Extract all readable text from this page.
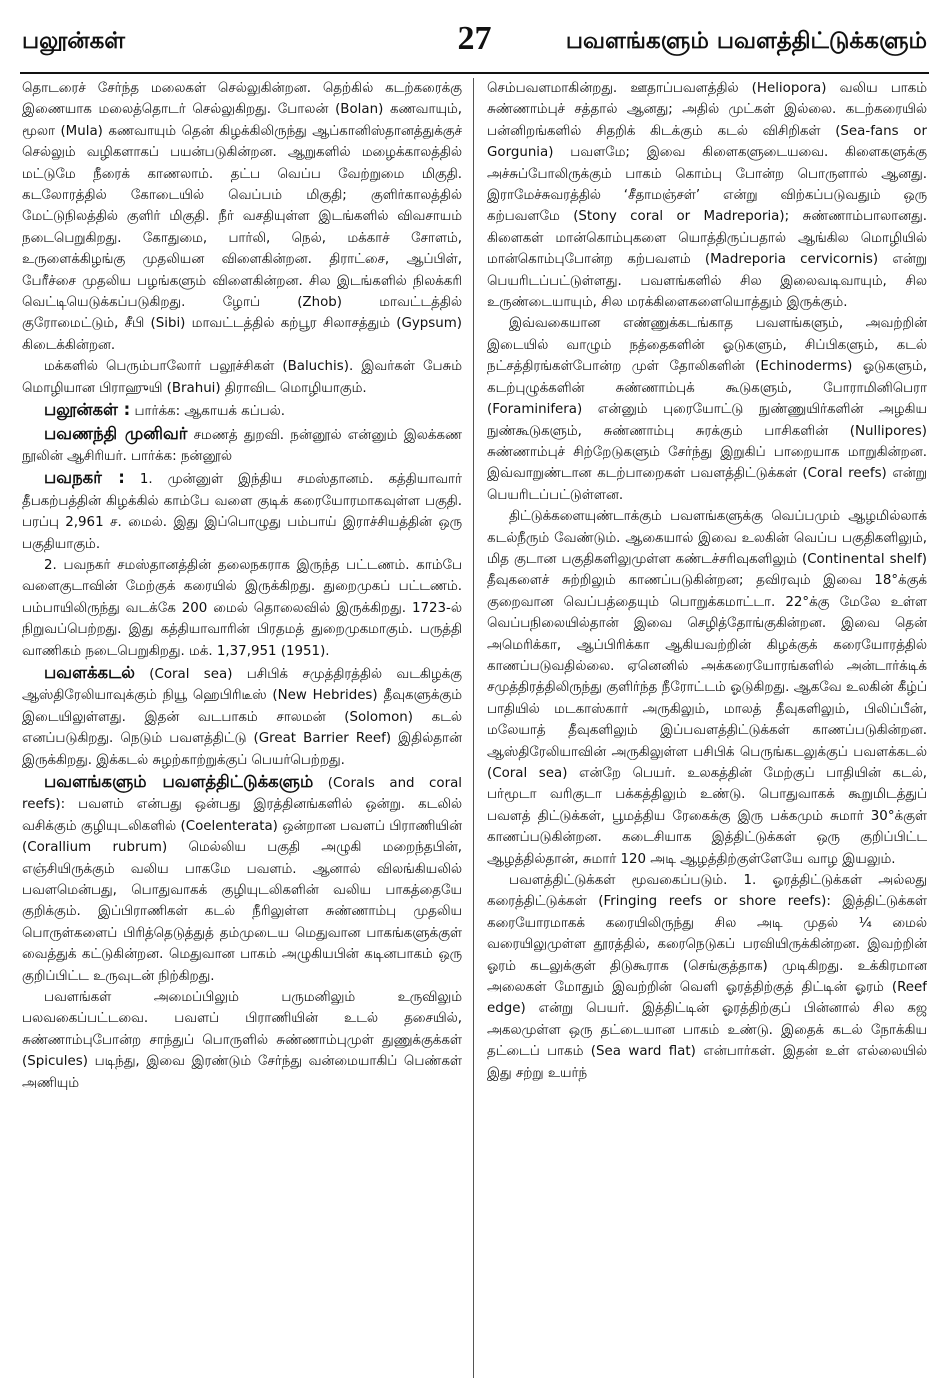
பலூன்கள்	27	பவளங்களும் பவளத்திட்டுக்களும்

தொடரைச் சேர்ந்த மலைகள் செல்லுகின்றன. தெற்கில் கடற்கரைக்கு இணையாக மலைத்தொடர் செல்லுகிறது. போலன் (Bolan) கணவாயும், மூலா (Mula) கணவாயும் தென் கிழக்கிலிருந்து ஆப்கானிஸ்தானத்துக்குச் செல்லும் வழிகளாகப் பயன்படுகின்றன. ஆறுகளில் மழைக்காலத்தில் மட்டுமே நீரைக் காணலாம். தட்ப வெப்ப வேற்றுமை மிகுதி. கடலோரத்தில் கோடையில் வெப்பம் மிகுதி; குளிர்காலத்தில் மேட்டுநிலத்தில் குளிர் மிகுதி. நீர் வசதியுள்ள இடங்களில் விவசாயம் நடைபெறுகிறது. கோதுமை, பார்லி, நெல், மக்காச் சோளம், உருளைக்கிழங்கு முதலியன விளைகின்றன. திராட்சை, ஆப்பிள், பேரீச்சை முதலிய பழங்களும் விளைகின்றன. சில இடங்களில் நிலக்கரி வெட்டியெடுக்கப்படுகிறது. ழோப் (Zhob) மாவட்டத்தில் குரோமைட்டும், சீபி (Sibi) மாவட்டத்தில் கற்பூர சிலாசத்தும் (Gypsum) கிடைக்கின்றன.

மக்களில் பெரும்பாலோர் பலூச்சிகள் (Baluchis). இவர்கள் பேசும் மொழியான பிராஹுயி (Brahui) திராவிட மொழியாகும்.

பலூன்கள் : பார்க்க: ஆகாயக் கப்பல்.

பவணந்தி முனிவர் சமணத் துறவி. நன்னூல் என்னும் இலக்கண நூலின் ஆசிரியர். பார்க்க: நன்னூல்

பவநகர் : 1. முன்னுள் இந்திய சமஸ்தானம். கத்தியாவார் தீபகற்பத்தின் கிழக்கில் காம்பே வளை குடிக் கரையோரமாகவுள்ள பகுதி. பரப்பு 2,961 ச. மைல். இது இப்பொழுது பம்பாய் இராச்சியத்தின் ஒரு பகுதியாகும்.

2. பவநகர் சமஸ்தானத்தின் தலைநகராக இருந்த பட்டணம். காம்பே வளைகுடாவின் மேற்குக் கரையில் இருக்கிறது. துறைமுகப் பட்டணம். பம்பாயிலிருந்து வடக்கே 200 மைல் தொலைவில் இருக்கிறது. 1723-ல் நிறுவப்பெற்றது. இது கத்தியாவாரின் பிரதமத் துறைமுகமாகும். பருத்தி வாணிகம் நடைபெறுகிறது. மக். 1,37,951 (1951).

பவளக்கடல் (Coral sea) பசிபிக் சமுத்திரத்தில் வடகிழக்கு ஆஸ்திரேலியாவுக்கும் நியூ ஹெபிரிடீஸ் (New Hebrides) தீவுகளுக்கும் இடையிலுள்ளது. இதன் வடபாகம் சாலமன் (Solomon) கடல் எனப்படுகிறது. நெடும் பவளத்திட்டு (Great Barrier Reef) இதில்தான் இருக்கிறது. இக்கடல் சுழற்காற்றுக்குப் பெயர்பெற்றது.

பவளங்களும் பவளத்திட்டுக்களும் (Corals and coral reefs): பவளம் என்பது ஒன்பது இரத்தினங்களில் ஒன்று. கடலில் வசிக்கும் குழியுடலிகளில் (Coelenterata) ஒன்றான பவளப் பிராணியின் (Corallium rubrum) மெல்லிய பகுதி அழுகி மறைந்தபின், எஞ்சியிருக்கும் வலிய பாகமே பவளம். ஆனால் விலங்கியலில் பவளமென்பது, பொதுவாகக் குழியுடலிகளின் வலிய பாகத்தையே குறிக்கும். இப்பிராணிகள் கடல் நீரிலுள்ள சுண்ணாம்பு முதலிய பொருள்களைப் பிரித்தெடுத்துத் தம்முடைய மெதுவான பாகங்களுக்குள் வைத்துக் கட்டுகின்றன. மெதுவான பாகம் அழுகியபின் கடினபாகம் ஒரு குறிப்பிட்ட உருவுடன் நிற்கிறது.

பவளங்கள் அமைப்பிலும் பருமனிலும் உருவிலும் பலவகைப்பட்டவை. பவளப் பிராணியின் உடல் தசையில், சுண்ணாம்புபோன்ற சாந்துப் பொருளில் சுண்ணாம்புமுள் துணுக்குக்கள் (Spicules) படிந்து, இவை இரண்டும் சேர்ந்து வன்மையாகிப் பெண்கள் அணியும்

செம்பவளமாகின்றது. ஊதாப்பவளத்தில் (Heliopora) வலிய பாகம் சுண்ணாம்புச் சத்தால் ஆனது; அதில் முட்கள் இல்லை. கடற்கரையில் பன்னிறங்களில் சிதறிக் கிடக்கும் கடல் விசிறிகள் (Sea-fans or Gorgunia) பவளமே; இவை கிளைகளுடையவை. கிளைகளுக்கு அச்சுப்போலிருக்கும் பாகம் கொம்பு போன்ற பொருளால் ஆனது. இராமேச்சுவரத்தில் ‘சீதாமஞ்சள்’ என்று விற்கப்படுவதும் ஒரு கற்பவளமே (Stony coral or Madreporia); சுண்ணாம்பாலானது. கிளைகள் மான்கொம்புகளை யொத்திருப்பதால் ஆங்கில மொழியில் மான்கொம்புபோன்ற கற்பவளம் (Madreporia cervicornis) என்று பெயரிடப்பட்டுள்ளது. பவளங்களில் சில இலைவடிவாயும், சில உருண்டையாயும், சில மரக்கிளைகளையொத்தும் இருக்கும்.

இவ்வகையான எண்ணுக்கடங்காத பவளங்களும், அவற்றின் இடையில் வாழும் நத்தைகளின் ஓடுகளும், சிப்பிகளும், கடல் நட்சத்திரங்கள்போன்ற முள் தோலிகளின் (Echinoderms) ஓடுகளும், கடற்புழுக்களின் சுண்ணாம்புக் கூடுகளும், போராமினிபெரா (Foraminifera) என்னும் புரையோட்டு நுண்ணுயிர்களின் அழகிய நுண்கூடுகளும், சுண்ணாம்பு சுரக்கும் பாசிகளின் (Nullipores) சுண்ணாம்புச் சிற்றேடுகளும் சேர்ந்து இறுகிப் பாறையாக மாறுகின்றன. இவ்வாறுண்டான கடற்பாறைகள் பவளத்திட்டுக்கள் (Coral reefs) என்று பெயரிடப்பட்டுள்ளன.

திட்டுக்களையுண்டாக்கும் பவளங்களுக்கு வெப்பமும் ஆழமில்லாக் கடல்நீரும் வேண்டும். ஆகையால் இவை உலகின் வெப்ப பகுதிகளிலும், மித குடான பகுதிகளிலுமுள்ள கண்டச்சரிவுகளிலும் (Continental shelf) தீவுகளைச் சுற்றிலும் காணப்படுகின்றன; தவிரவும் இவை 18°க்குக் குறைவான வெப்பத்தையும் பொறுக்கமாட்டா. 22°க்கு மேலே உள்ள வெப்பநிலையில்தான் இவை செழித்தோங்குகின்றன. இவை தென் அமெரிக்கா, ஆப்பிரிக்கா ஆகியவற்றின் கிழக்குக் கரையோரத்தில் காணப்படுவதில்லை. ஏனெனில் அக்கரையோரங்களில் அன்டார்க்டிக் சமுத்திரத்திலிருந்து குளிர்ந்த நீரோட்டம் ஓடுகிறது. ஆகவே உலகின் கீழ்ப் பாதியில் மடகாஸ்கார் அருகிலும், மாலத் தீவுகளிலும், பிலிப்பீன், மலேயாத் தீவுகளிலும் இப்பவளத்திட்டுக்கள் காணப்படுகின்றன. ஆஸ்திரேலியாவின் அருகிலுள்ள பசிபிக் பெருங்கடலுக்குப் பவளக்கடல் (Coral sea) என்றே பெயர். உலகத்தின் மேற்குப் பாதியின் கடல், பர்மூடா வரிகுடா பக்கத்திலும் உண்டு. பொதுவாகக் கூறுமிடத்துப் பவளத் திட்டுக்கள், பூமத்திய ரேகைக்கு இரு பக்கமும் சுமார் 30°க்குள் காணப்படுகின்றன. கடைசியாக இத்திட்டுக்கள் ஒரு குறிப்பிட்ட ஆழத்தில்தான், சுமார் 120 அடி ஆழத்திற்குள்ளேயே வாழ இயலும்.

பவளத்திட்டுக்கள் மூவகைப்படும். 1. ஓரத்திட்டுக்கள் அல்லது கரைத்திட்டுக்கள் (Fringing reefs or shore reefs): இத்திட்டுக்கள் கரையோரமாகக் கரையிலிருந்து சில அடி முதல் ¼ மைல் வரையிலுமுள்ள தூரத்தில், கரைநெடுகப் பரவியிருக்கின்றன. இவற்றின் ஓரம் கடலுக்குள் திடுகூராக (செங்குத்தாக) முடிகிறது. உக்கிரமான அலைகள் மோதும் இவற்றின் வெளி ஓரத்திற்குத் திட்டின் ஓரம் (Reef edge) என்று பெயர். இத்திட்டின் ஓரத்திற்குப் பின்னால் சில கஜ அகலமுள்ள ஒரு தட்டையான பாகம் உண்டு. இதைக் கடல் நோக்கிய தட்டைப் பாகம் (Sea ward flat) என்பார்கள். இதன் உள் எல்லையில் இது சற்று உயர்ந்
